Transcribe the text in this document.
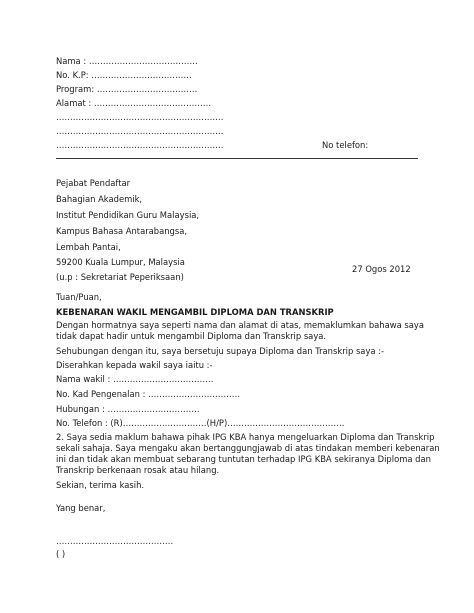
Nama : …………………………………

No. K.P: ………………………………

Program: ………………………………

Alamat : ……………………………………

……………………………………………………

……………………………………………………

……………………………………………………	No telefon:

Pejabat Pendaftar

Bahagian Akademik,

Institut Pendidikan Guru Malaysia,

Kampus Bahasa Antarabangsa,

Lembah Pantai,

59200 Kuala Lumpur, Malaysia

27 Ogos 2012

(u.p : Sekretariat Peperiksaan)

Tuan/Puan,

KEBENARAN WAKIL MENGAMBIL DIPLOMA DAN TRANSKRIP

Dengan hormatnya saya seperti nama dan alamat di atas, memaklumkan bahawa saya

tidak dapat hadir untuk mengambil Diploma dan Transkrip saya.

Sehubungan dengan itu, saya bersetuju supaya Diploma dan Transkrip saya :-

Diserahkan kepada wakil saya iaitu :-

Nama wakil : ………………………………

No. Kad Pengenalan : ……………………………

Hubungan : ……………………………

No. Telefon : (R)…………………………(H/P)……………………………………

2. Saya sedia maklum bahawa pihak IPG KBA hanya mengeluarkan Diploma dan Transkrip

sekali sahaja. Saya mengaku akan bertanggungjawab di atas tindakan memberi kebenaran

ini dan tidak akan membuat sebarang tuntutan terhadap IPG KBA sekiranya Diploma dan

Transkrip berkenaan rosak atau hilang.

Sekian, terima kasih.

Yang benar,

……………………………………

( )
